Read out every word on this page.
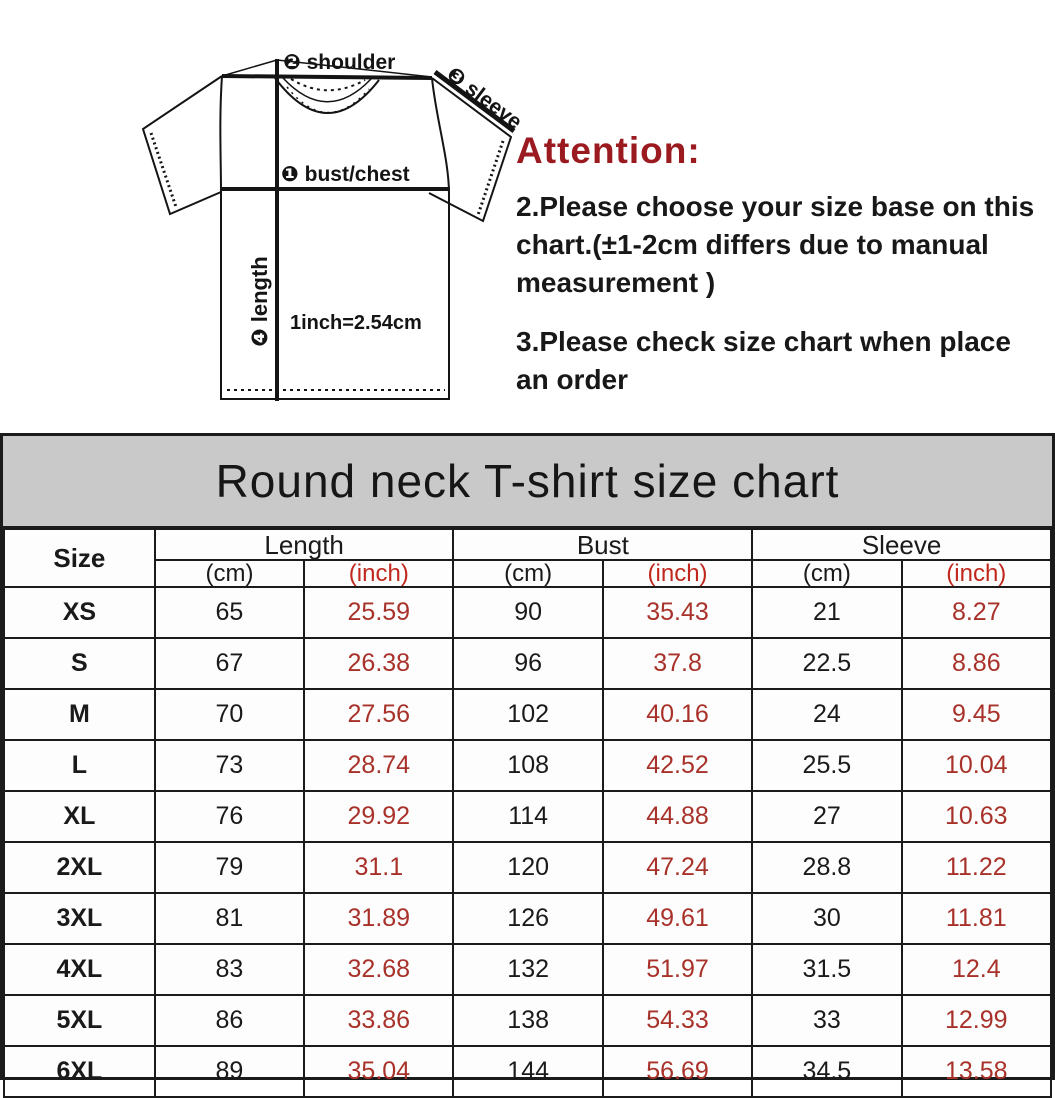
❷ shoulder
❸ sleeve
❶ bust/chest
❹ length 1inch=2.54cm
Attention:

2.Please choose your size base on this chart.(±1-2cm differs due to manual measurement )

3.Please check size chart when place an order

Round neck T-shirt size chart
Size	Length		Bust		Sleeve	
	(cm)	(inch)	(cm)	(inch)	(cm)	(inch)
XS	65	25.59	90	35.43	21	8.27
S	67	26.38	96	37.8	22.5	8.86
M	70	27.56	102	40.16	24	9.45
L	73	28.74	108	42.52	25.5	10.04
XL	76	29.92	114	44.88	27	10.63
2XL	79	31.1	120	47.24	28.8	11.22
3XL	81	31.89	126	49.61	30	11.81
4XL	83	32.68	132	51.97	31.5	12.4
5XL	86	33.86	138	54.33	33	12.99
6XL	89	35.04	144	56.69	34.5	13.58
